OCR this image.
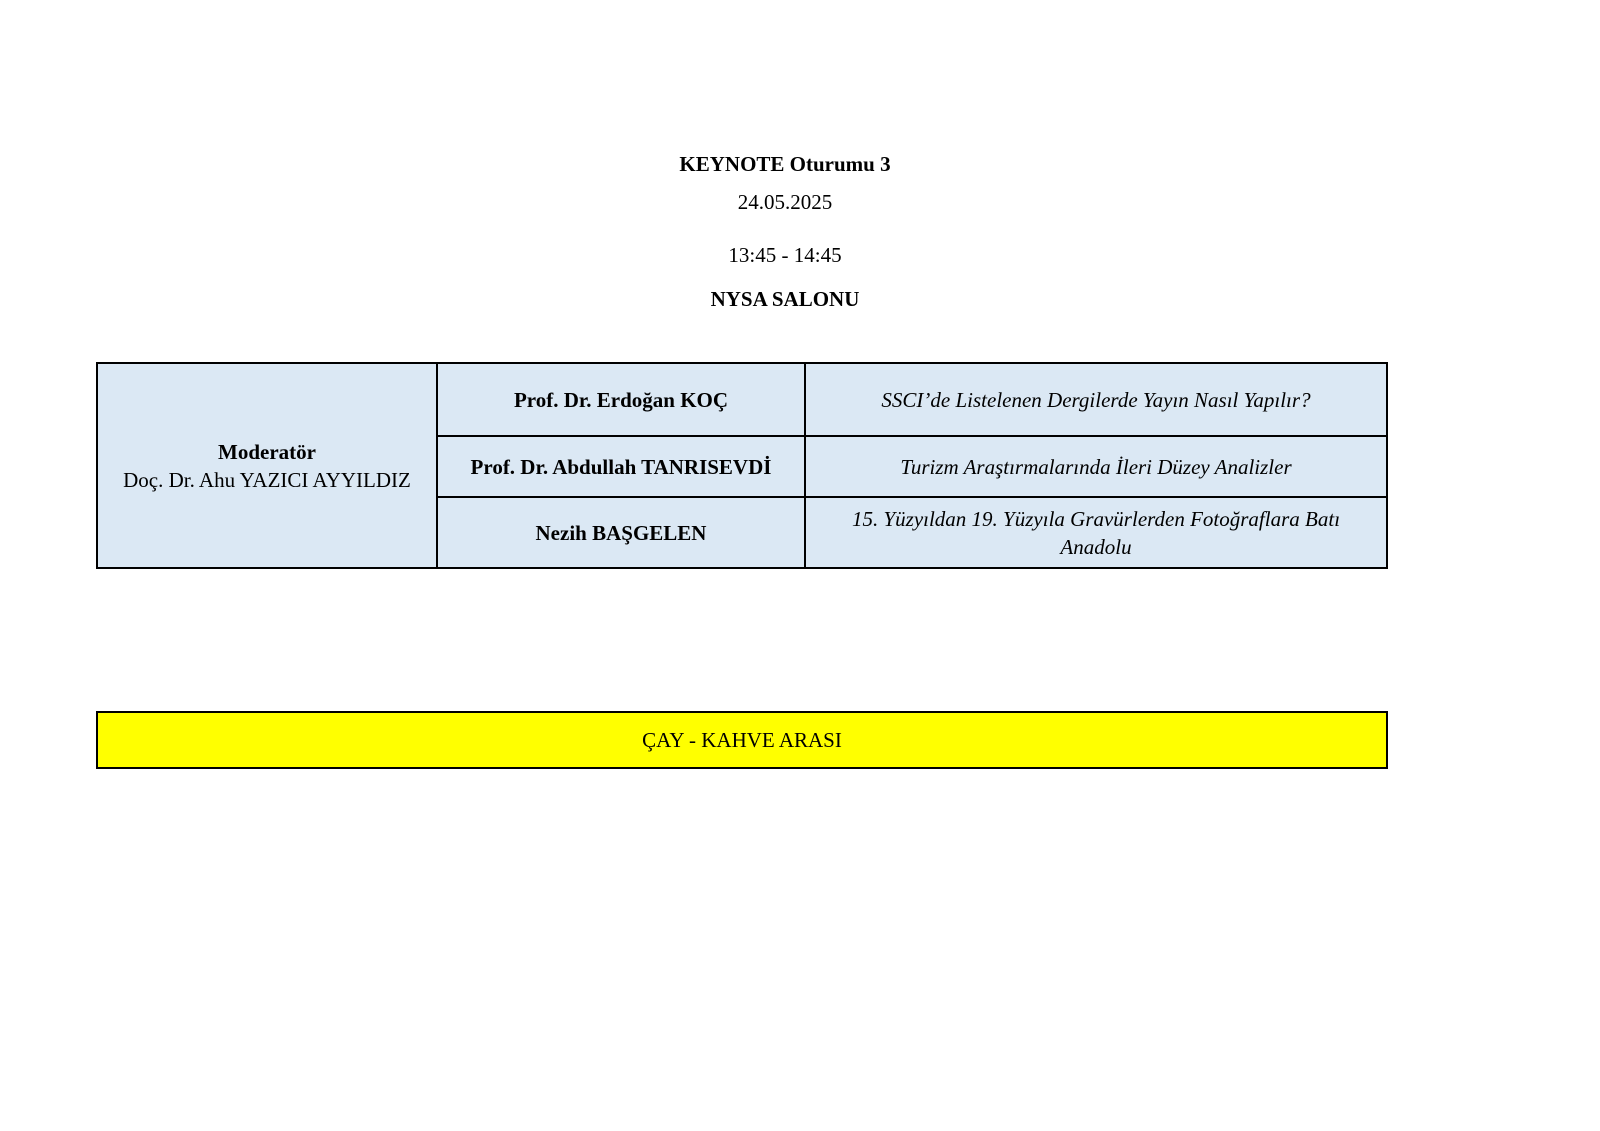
KEYNOTE Oturumu 3
24.05.2025
13:45 - 14:45
NYSA SALONU
Moderatör
Doç. Dr. Ahu YAZICI AYYILDIZ	Prof. Dr. Erdoğan KOÇ	SSCI’de Listelenen Dergilerde Yayın Nasıl Yapılır?
	Prof. Dr. Abdullah TANRISEVDİ	Turizm Araştırmalarında İleri Düzey Analizler
	Nezih BAŞGELEN	15. Yüzyıldan 19. Yüzyıla Gravürlerden Fotoğraflara Batı Anadolu
ÇAY - KAHVE ARASI
